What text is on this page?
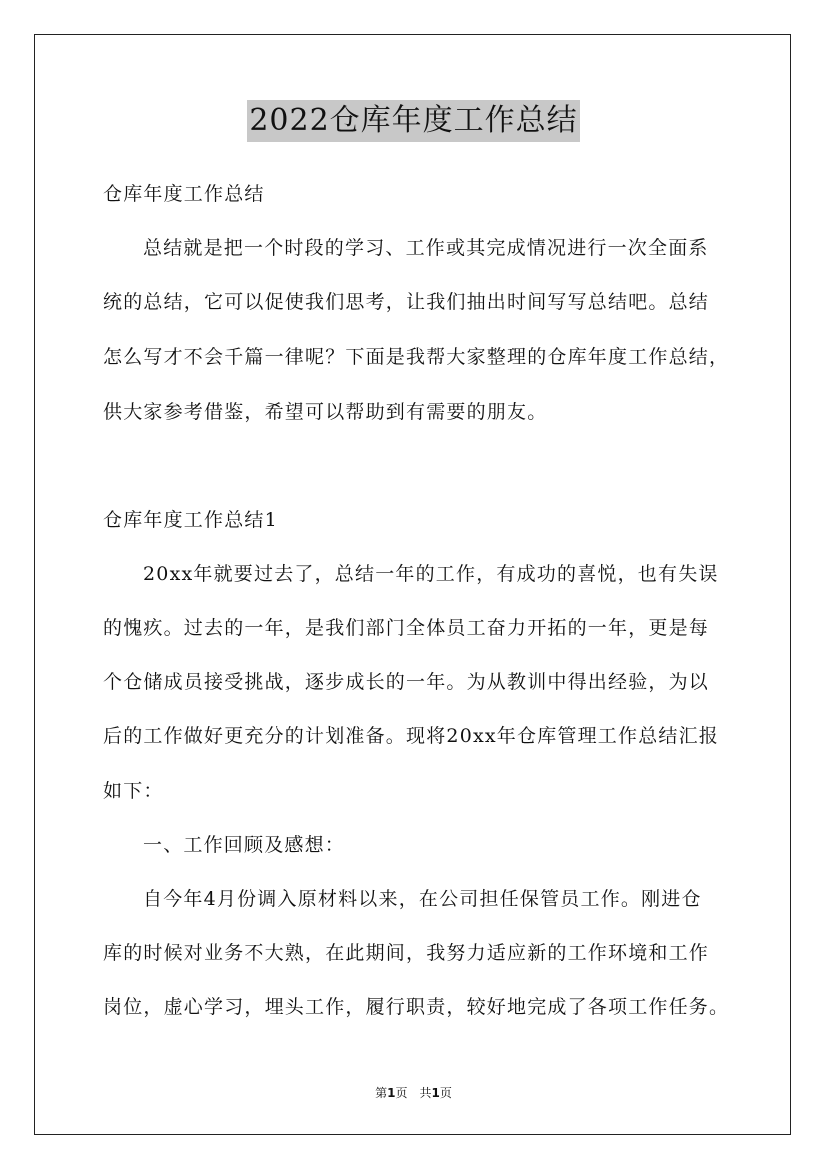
2022仓库年度工作总结
仓库年度工作总结
总结就是把一个时段的学习、工作或其完成情况进行一次全面系
统的总结，它可以促使我们思考，让我们抽出时间写写总结吧。总结
怎么写才不会千篇一律呢？下面是我帮大家整理的仓库年度工作总结，
供大家参考借鉴，希望可以帮助到有需要的朋友。
仓库年度工作总结1
20xx年就要过去了，总结一年的工作，有成功的喜悦，也有失误
的愧疚。过去的一年，是我们部门全体员工奋力开拓的一年，更是每
个仓储成员接受挑战，逐步成长的一年。为从教训中得出经验，为以
后的工作做好更充分的计划准备。现将20xx年仓库管理工作总结汇报
如下：
一、工作回顾及感想：
自今年4月份调入原材料以来，在公司担任保管员工作。刚进仓
库的时候对业务不大熟，在此期间，我努力适应新的工作环境和工作
岗位，虚心学习，埋头工作，履行职责，较好地完成了各项工作任务。
第1页　共1页
